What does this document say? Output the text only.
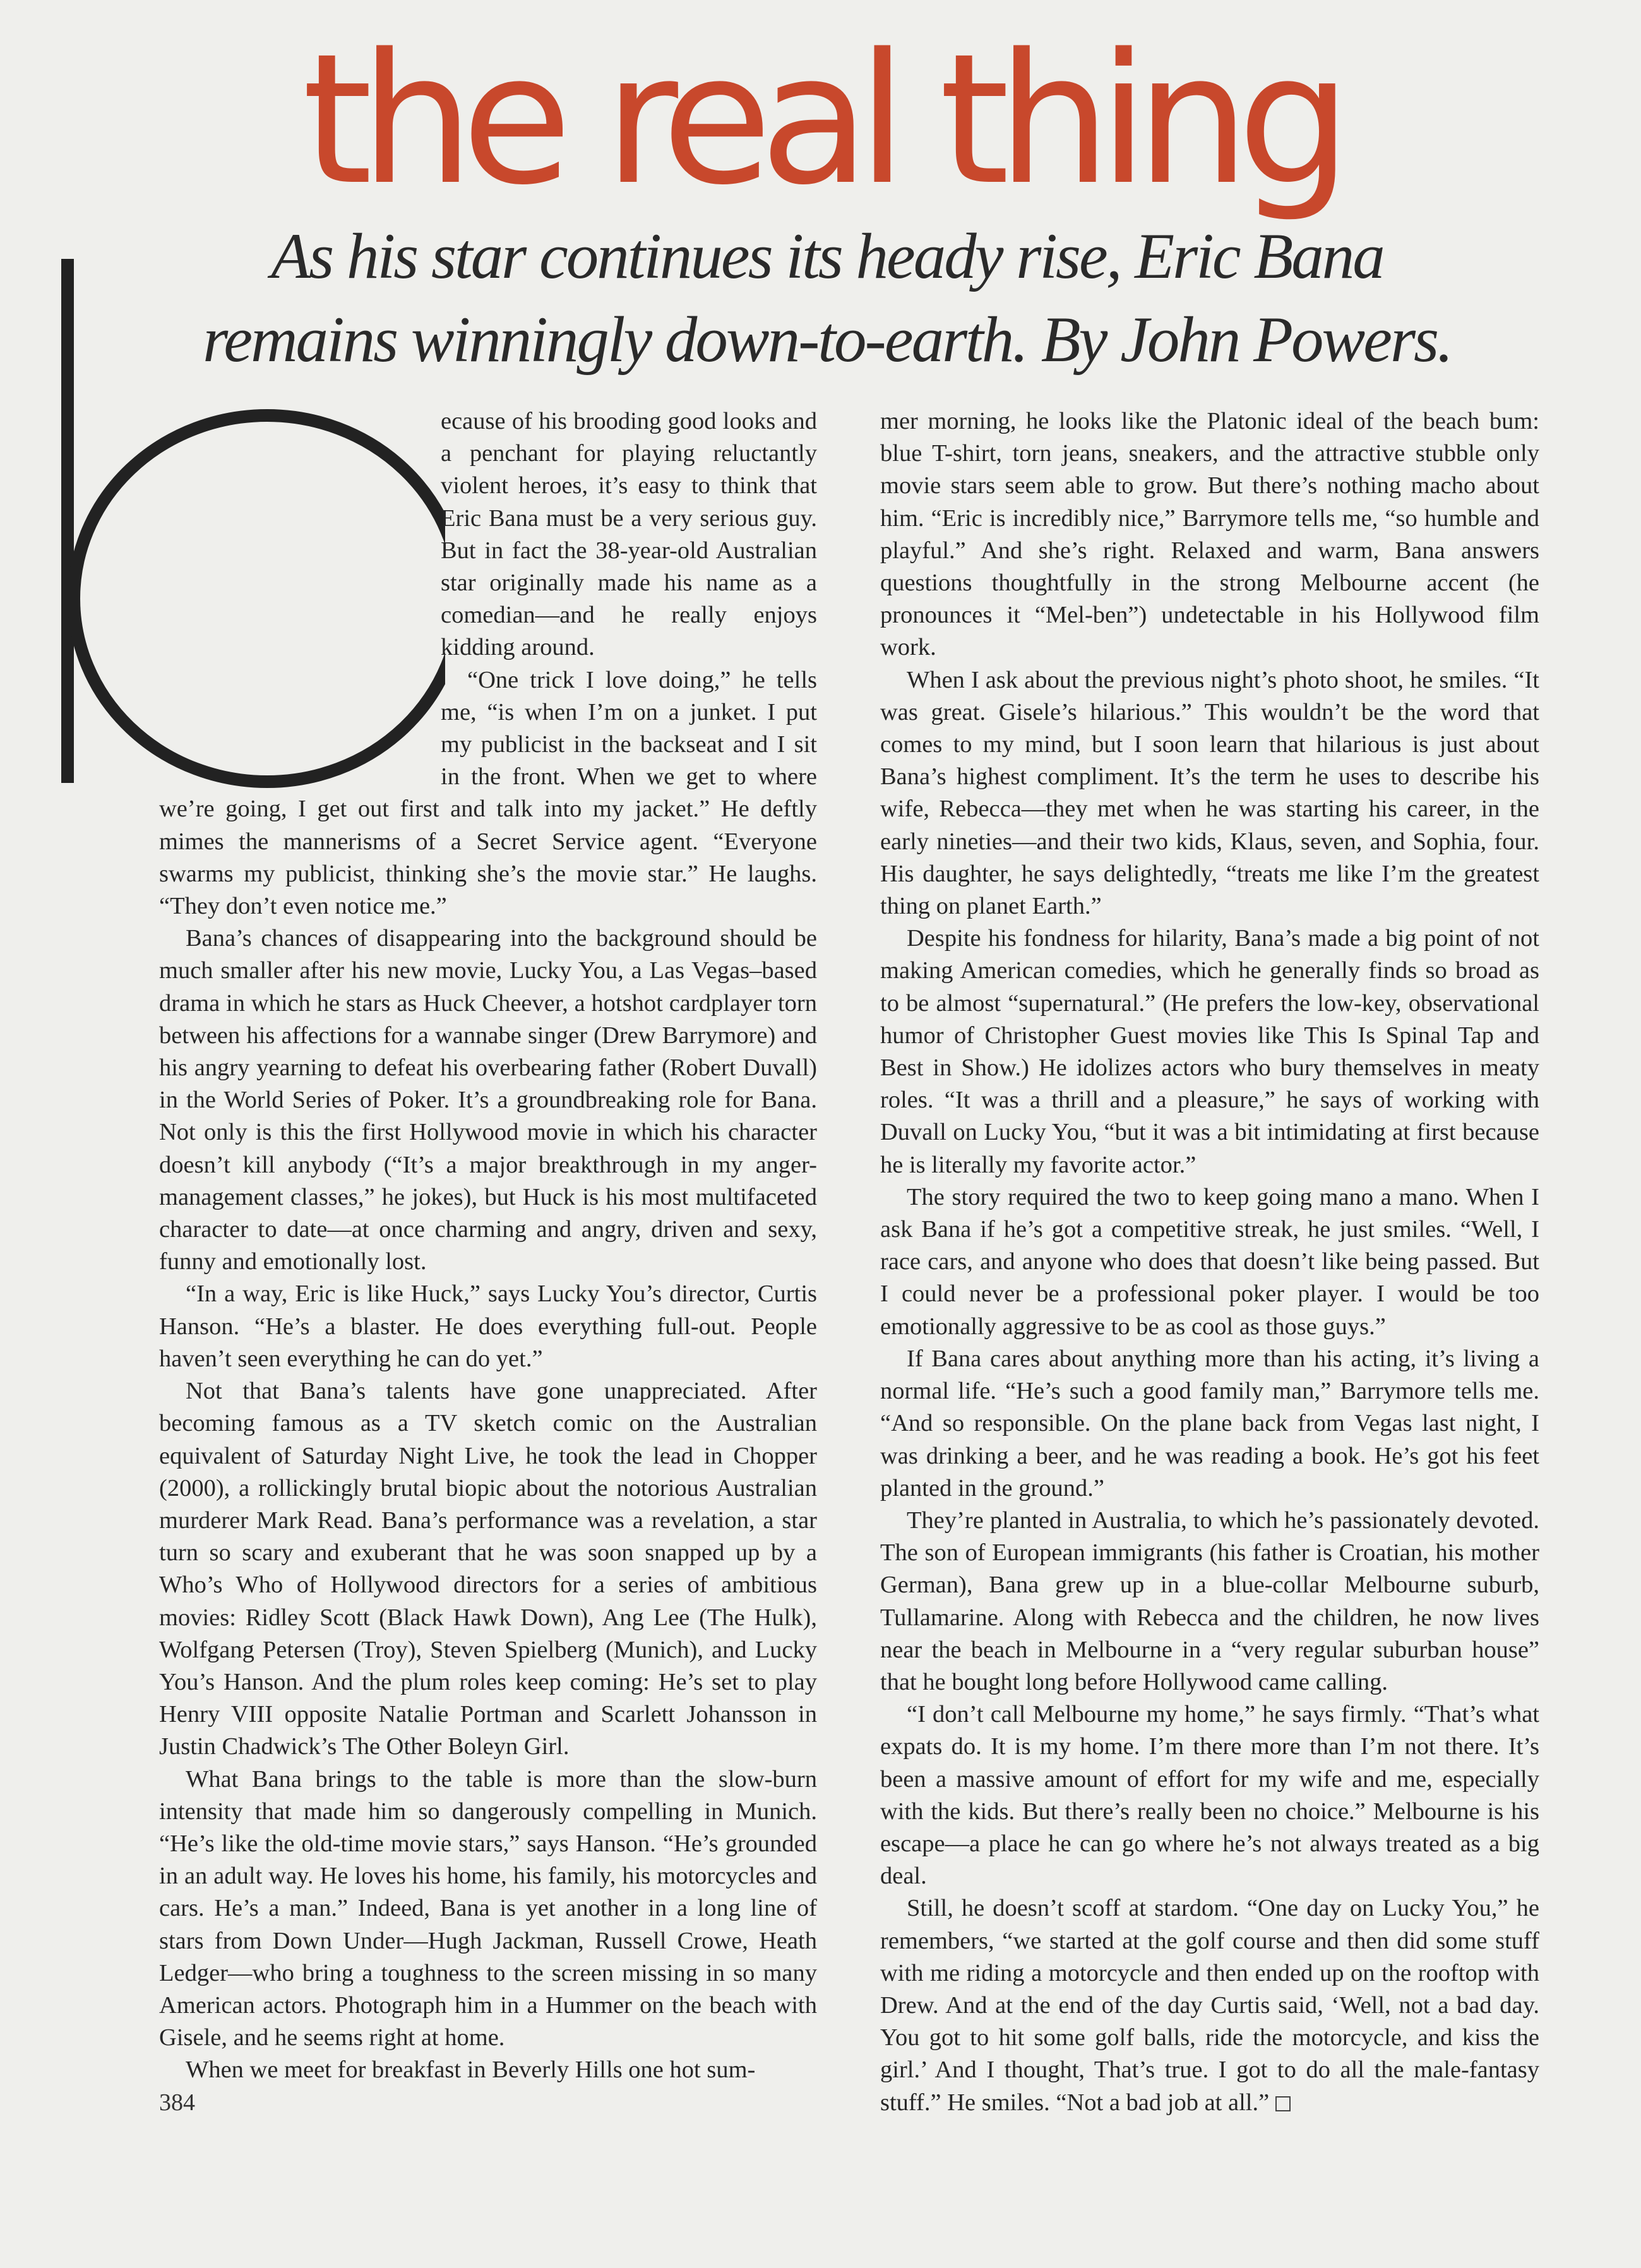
the real thing
As his star continues its heady rise, Eric Bana
remains winningly down-to-earth. By John Powers.

ecause of his brooding good looks and a penchant for playing reluctantly violent heroes, it’s easy to think that Eric Bana must be a very serious guy. But in fact the 38-year-old Australian star originally made his name as a comedian—and he really enjoys kidding around.

“One trick I love doing,” he tells me, “is when I’m on a junket. I put my publicist in the backseat and I sit in the front. When we get to where we’re going, I get out first and talk into my jacket.” He deftly mimes the mannerisms of a Secret Service agent. “Everyone swarms my publicist, thinking she’s the movie star.” He laughs. “They don’t even notice me.”

Bana’s chances of disappearing into the background should be much smaller after his new movie, Lucky You, a Las Vegas–based drama in which he stars as Huck Cheever, a hotshot cardplayer torn between his affections for a wannabe singer (Drew Barrymore) and his angry yearning to defeat his overbearing father (Robert Duvall) in the World Series of Poker. It’s a groundbreaking role for Bana. Not only is this the first Hollywood movie in which his character doesn’t kill anybody (“It’s a major breakthrough in my anger-management classes,” he jokes), but Huck is his most multifaceted character to date—at once charming and angry, driven and sexy, funny and emotionally lost.

“In a way, Eric is like Huck,” says Lucky You’s director, Curtis Hanson. “He’s a blaster. He does everything full-out. People haven’t seen everything he can do yet.”

Not that Bana’s talents have gone unappreciated. After becoming famous as a TV sketch comic on the Australian equivalent of Saturday Night Live, he took the lead in Chopper (2000), a rollickingly brutal biopic about the notorious Australian murderer Mark Read. Bana’s performance was a revelation, a star turn so scary and exuberant that he was soon snapped up by a Who’s Who of Hollywood directors for a series of ambitious movies: Ridley Scott (Black Hawk Down), Ang Lee (The Hulk), Wolfgang Petersen (Troy), Steven Spielberg (Munich), and Lucky You’s Hanson. And the plum roles keep coming: He’s set to play Henry VIII opposite Natalie Portman and Scarlett Johansson in Justin Chadwick’s The Other Boleyn Girl.

What Bana brings to the table is more than the slow-burn intensity that made him so dangerously compelling in Munich. “He’s like the old-time movie stars,” says Hanson. “He’s grounded in an adult way. He loves his home, his family, his motorcycles and cars. He’s a man.” Indeed, Bana is yet another in a long line of stars from Down Under—Hugh Jackman, Russell Crowe, Heath Ledger—who bring a toughness to the screen missing in so many American actors. Photograph him in a Hummer on the beach with Gisele, and he seems right at home.

When we meet for breakfast in Beverly Hills one hot sum-

mer morning, he looks like the Platonic ideal of the beach bum: blue T-shirt, torn jeans, sneakers, and the attractive stubble only movie stars seem able to grow. But there’s nothing macho about him. “Eric is incredibly nice,” Barrymore tells me, “so humble and playful.” And she’s right. Relaxed and warm, Bana answers questions thoughtfully in the strong Melbourne accent (he pronounces it “Mel-ben”) undetectable in his Hollywood film work.

When I ask about the previous night’s photo shoot, he smiles. “It was great. Gisele’s hilarious.” This wouldn’t be the word that comes to my mind, but I soon learn that hilarious is just about Bana’s highest compliment. It’s the term he uses to describe his wife, Rebecca—they met when he was starting his career, in the early nineties—and their two kids, Klaus, seven, and Sophia, four. His daughter, he says delightedly, “treats me like I’m the greatest thing on planet Earth.”

Despite his fondness for hilarity, Bana’s made a big point of not making American comedies, which he generally finds so broad as to be almost “supernatural.” (He prefers the low-key, observational humor of Christopher Guest movies like This Is Spinal Tap and Best in Show.) He idolizes actors who bury themselves in meaty roles. “It was a thrill and a pleasure,” he says of working with Duvall on Lucky You, “but it was a bit intimidating at first because he is literally my favorite actor.”

The story required the two to keep going mano a mano. When I ask Bana if he’s got a competitive streak, he just smiles. “Well, I race cars, and anyone who does that doesn’t like being passed. But I could never be a professional poker player. I would be too emotionally aggressive to be as cool as those guys.”

If Bana cares about anything more than his acting, it’s living a normal life. “He’s such a good family man,” Barrymore tells me. “And so responsible. On the plane back from Vegas last night, I was drinking a beer, and he was reading a book. He’s got his feet planted in the ground.”

They’re planted in Australia, to which he’s passionately devoted. The son of European immigrants (his father is Croatian, his mother German), Bana grew up in a blue-collar Melbourne suburb, Tullamarine. Along with Rebecca and the children, he now lives near the beach in Melbourne in a “very regular suburban house” that he bought long before Hollywood came calling.

“I don’t call Melbourne my home,” he says firmly. “That’s what expats do. It is my home. I’m there more than I’m not there. It’s been a massive amount of effort for my wife and me, especially with the kids. But there’s really been no choice.” Melbourne is his escape—a place he can go where he’s not always treated as a big deal.

Still, he doesn’t scoff at stardom. “One day on Lucky You,” he remembers, “we started at the golf course and then did some stuff with me riding a motorcycle and then ended up on the rooftop with Drew. And at the end of the day Curtis said, ‘Well, not a bad day. You got to hit some golf balls, ride the motorcycle, and kiss the girl.’ And I thought, That’s true. I got to do all the male-fantasy stuff.” He smiles. “Not a bad job at all.”

384
